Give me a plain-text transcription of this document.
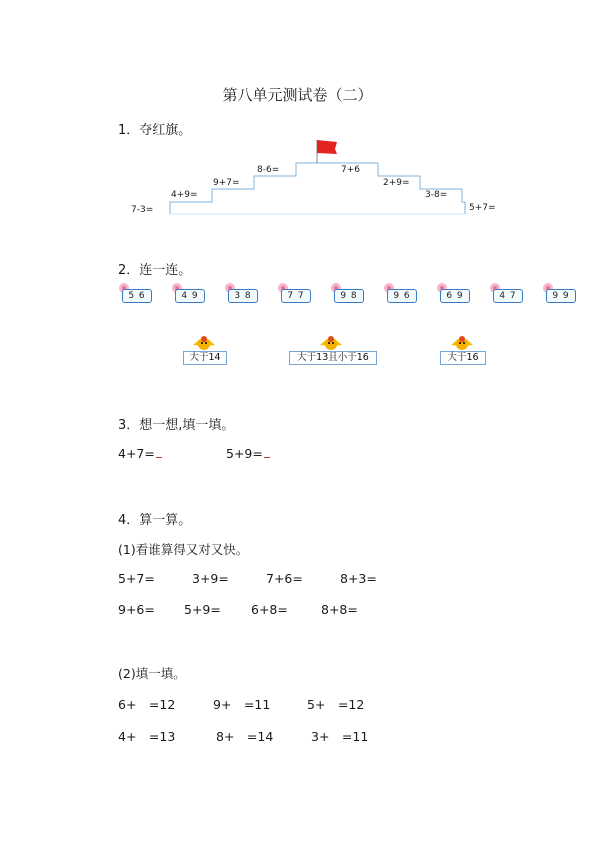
第八单元测试卷（二）
1．夺红旗。
7-3=
4+9=
9+7=
8-6=	7+6
2+9=
3-8=
5+7=
2．连一连。
5 6	4 9	3 8	7 7	9 8	9 6	6 9	4 7	9 9
大于14	大于13且小于16	大于16
3．想一想,填一填。
4+7=	5+9=
4．算一算。
(1)看谁算得又对又快。
5+7=	3+9=	7+6=	8+3=
9+6= 5+9= 6+8=	8+8=
(2)填一填。
6+　=12	9+　=11	5+　=12
4+　=13	8+　=14	3+　=11
